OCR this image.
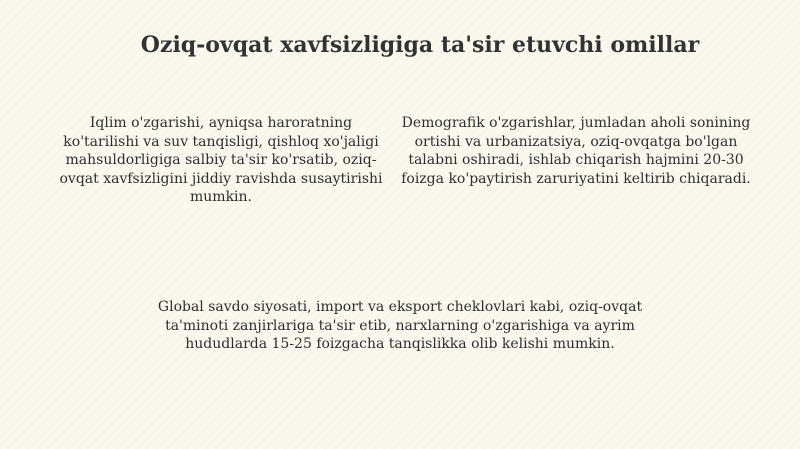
Oziq-ovqat xavfsizligiga ta'sir etuvchi omillar
Iqlim o'zgarishi, ayniqsa haroratning ko'tarilishi va suv tanqisligi, qishloq xo'jaligi mahsuldorligiga salbiy ta'sir ko'rsatib, oziq-ovqat xavfsizligini jiddiy ravishda susaytirishi mumkin.
Demografik o'zgarishlar, jumladan aholi sonining ortishi va urbanizatsiya, oziq-ovqatga bo'lgan talabni oshiradi, ishlab chiqarish hajmini 20-30 foizga ko'paytirish zaruriyatini keltirib chiqaradi.
Global savdo siyosati, import va eksport cheklovlari kabi, oziq-ovqat ta'minoti zanjirlariga ta'sir etib, narxlarning o'zgarishiga va ayrim hududlarda 15-25 foizgacha tanqislikka olib kelishi mumkin.
